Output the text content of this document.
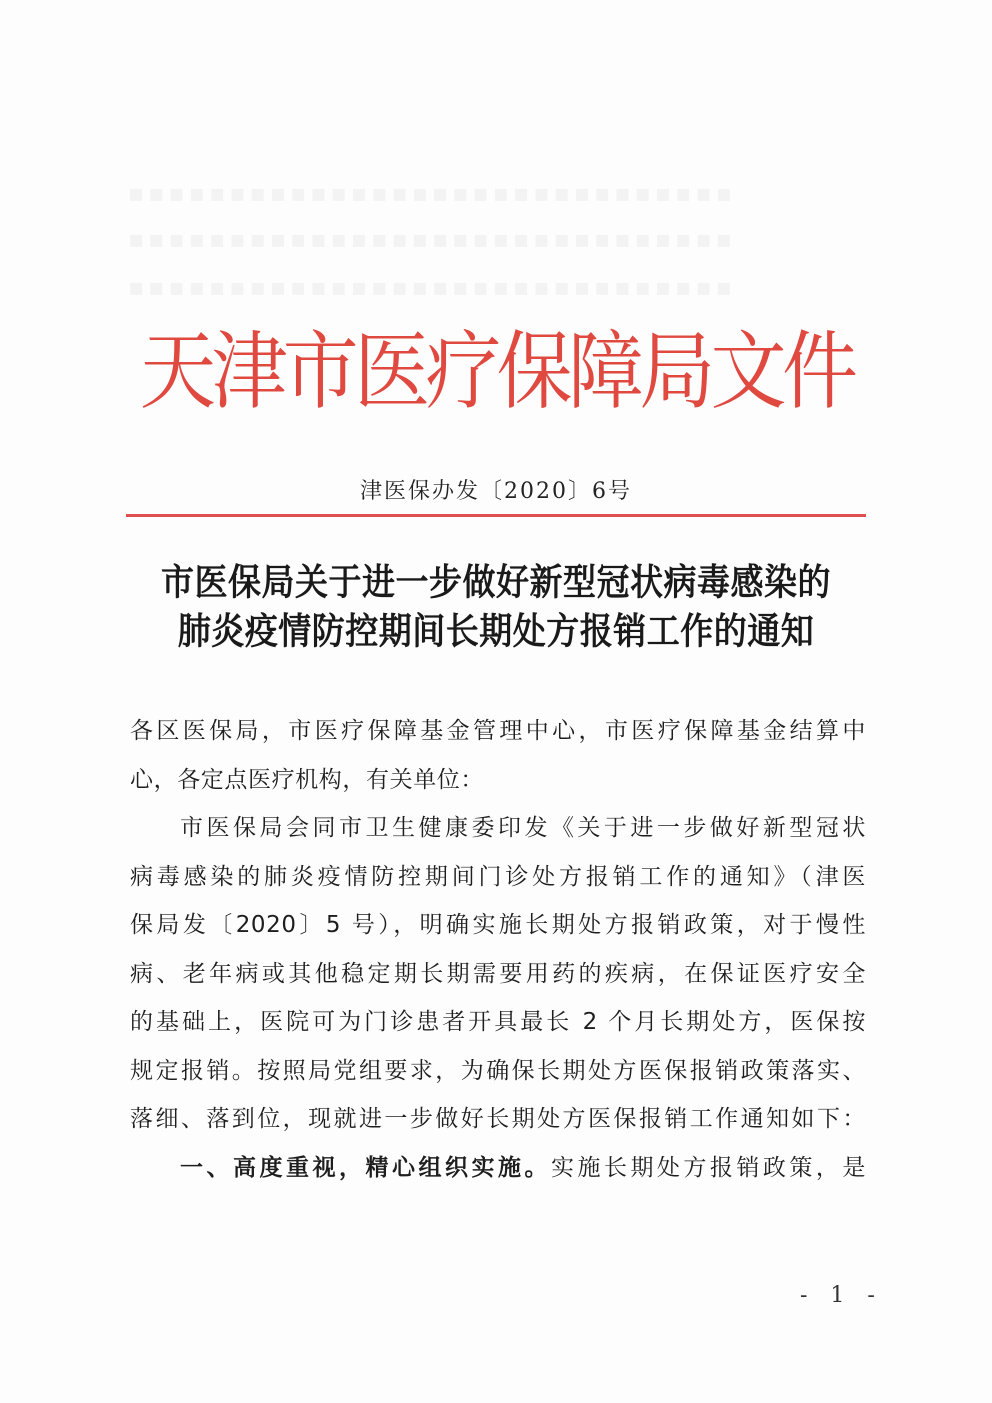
▪▪▪▪▪▪▪▪▪▪▪▪▪▪▪▪▪▪▪▪▪▪▪▪▪▪▪▪▪▪
▪▪▪▪▪▪▪▪▪▪▪▪▪▪▪▪▪▪▪▪▪▪▪▪▪▪▪▪▪▪
▪▪▪▪▪▪▪▪▪▪▪▪▪▪▪▪▪▪▪▪▪▪▪▪▪▪▪▪▪▪
天
津
市
医
疗
保
障
局
文
件
津医保办发〔2020〕6号
市医保局关于进一步做好新型冠状病毒感染的
肺炎疫情防控期间长期处方报销工作的通知
各区医保局，市医疗保障基金管理中心，市医疗保障基金结算中
心，各定点医疗机构，有关单位：
市医保局会同市卫生健康委印发《关于进一步做好新型冠状
病毒感染的肺炎疫情防控期间门诊处方报销工作的通知》（津医
保局发〔2020〕5 号），明确实施长期处方报销政策，对于慢性
病、老年病或其他稳定期长期需要用药的疾病，在保证医疗安全
的基础上，医院可为门诊患者开具最长 2 个月长期处方，医保按
规定报销。按照局党组要求，为确保长期处方医保报销政策落实、
落细、落到位，现就进一步做好长期处方医保报销工作通知如下：
一、高度重视，精心组织实施。实施长期处方报销政策，是
- 1 -
